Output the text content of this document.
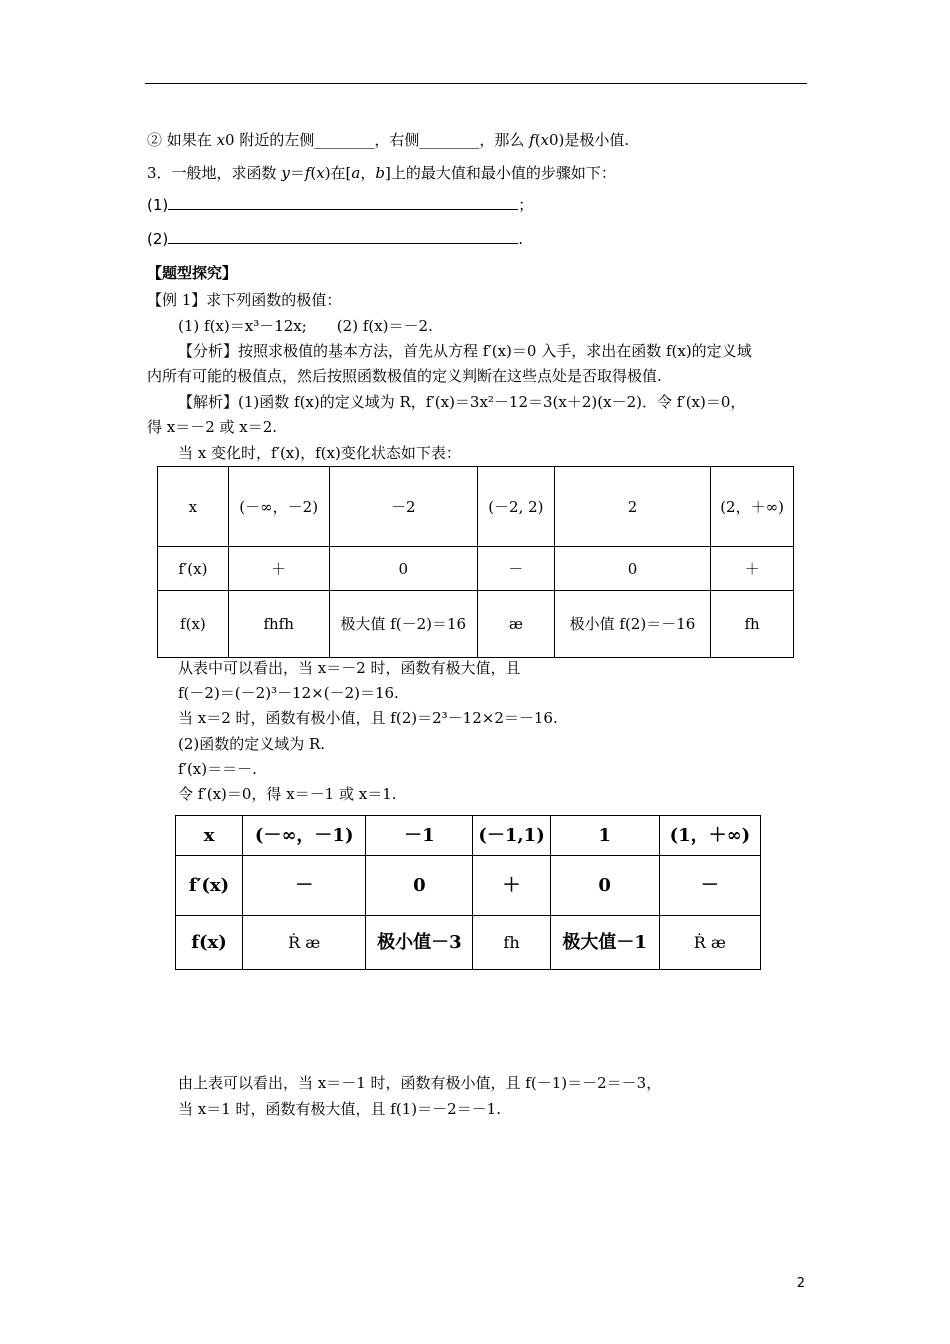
② 如果在 x0 附近的左侧________，右侧________，那么 f(x0)是极小值.
3．一般地，求函数 y＝f(x)在[a，b]上的最大值和最小值的步骤如下：
(1)	；
(2)	.
【题型探究】
【例 1】求下列函数的极值：
(1) f(x)＝x³－12x;　　(2) f(x)＝－2.
【分析】按照求极值的基本方法，首先从方程 f′(x)＝0 入手，求出在函数 f(x)的定义域
内所有可能的极值点，然后按照函数极值的定义判断在这些点处是否取得极值.
【解析】(1)函数 f(x)的定义域为 R，f′(x)＝3x²－12＝3(x＋2)(x－2)．令 f′(x)＝0，
得 x＝－2 或 x＝2.
当 x 变化时，f′(x)，f(x)变化状态如下表：
x	(－∞，－2)	－2	(－2, 2)	2	(2，＋∞)
f′(x)	＋	0	－	0	＋
f(x)	fhfh	极大值 f(－2)＝16	æ	极小值 f(2)＝－16	fh
从表中可以看出，当 x＝－2 时，函数有极大值，且
f(－2)＝(－2)³－12×(－2)＝16.
当 x＝2 时，函数有极小值，且 f(2)＝2³－12×2＝－16.
(2)函数的定义域为 R.
f′(x)＝＝－.
令 f′(x)＝0，得 x＝－1 或 x＝1.
x	(－∞，－1)	－1	(－1,1)	1	(1，＋∞)
f′(x)	－	0	＋	0	－
f(x)	Ṙ æ	极小值－3	fh	极大值－1	Ṙ æ
由上表可以看出，当 x＝－1 时，函数有极小值，且 f(－1)＝－2＝－3，
当 x＝1 时，函数有极大值，且 f(1)＝－2＝－1.
2
